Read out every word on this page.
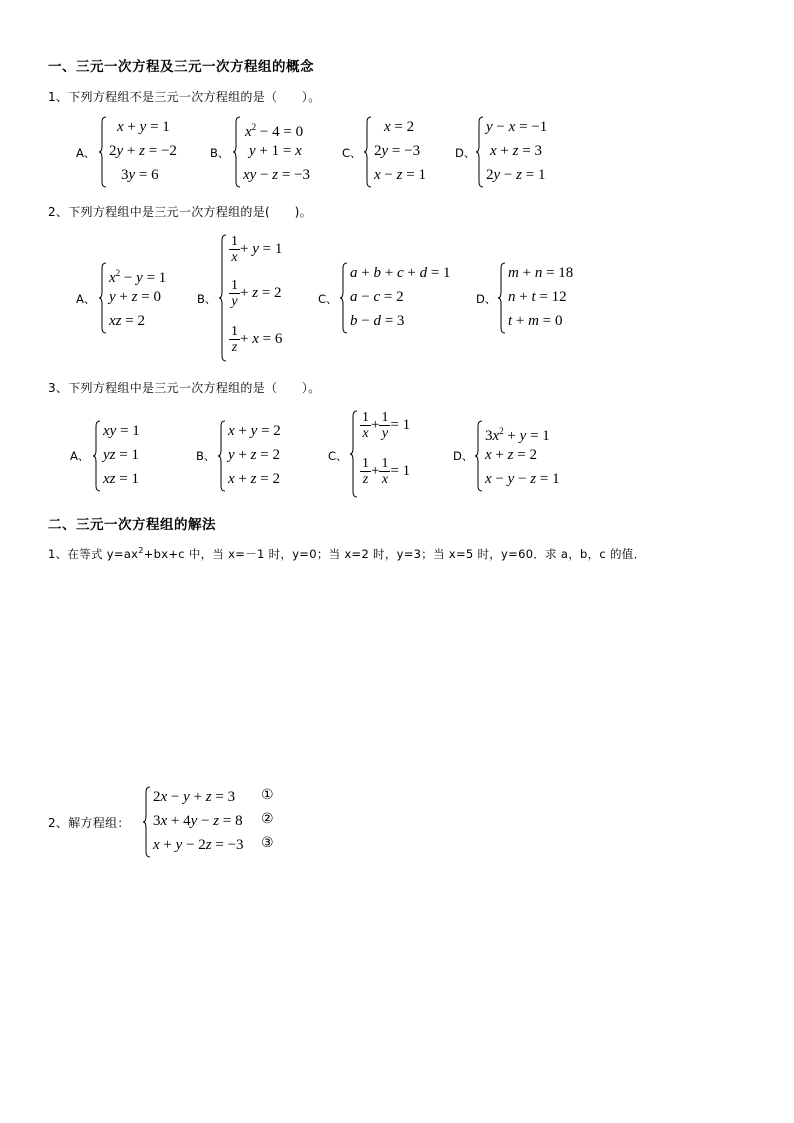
一、三元一次方程及三元一次方程组的概念
1、下列方程组不是三元一次方程组的是（　　）。
A、
x + y = 1
2y + z = −2
3y = 6
B、
$x^2 - 4 = 0$
y + 1 = x
xy − z = −3
C、
x = 2
2y = −3
x − z = 1
D、
y − x = −1
x + z = 3
2y − z = 1
2、下列方程组中是三元一次方程组的是(　　)。
A、
$x^2 - y = 1$
y + z = 0
xz = 2
B、
$\frac{1}{x} + y = 1$
$\frac{1}{y} + z = 2$
$\frac{1}{z} + x = 6$
C、
a + b + c + d = 1
a − c = 2
b − d = 3
D、
m + n = 18
n + t = 12
t + m = 0
3、下列方程组中是三元一次方程组的是（　　）。
A、
xy = 1
yz = 1
xz = 1
B、
x + y = 2
y + z = 2
x + z = 2
C、
$\frac{1}{x} + \frac{1}{y} = 1$
$\frac{1}{z} + \frac{1}{x} = 1$
D、
$3x^2 + y = 1$
x + z = 2
x − y − z = 1
二、三元一次方程组的解法
1、在等式 $y=ax^2+bx+c$ 中，当 x=－1 时，y=0；当 x=2 时，y=3；当 x=5 时，y=60．求 a，b，c 的值．
2、解方程组：
2x − y + z = 3
3x + 4y − z = 8
x + y − 2z = −3
①
②
③
